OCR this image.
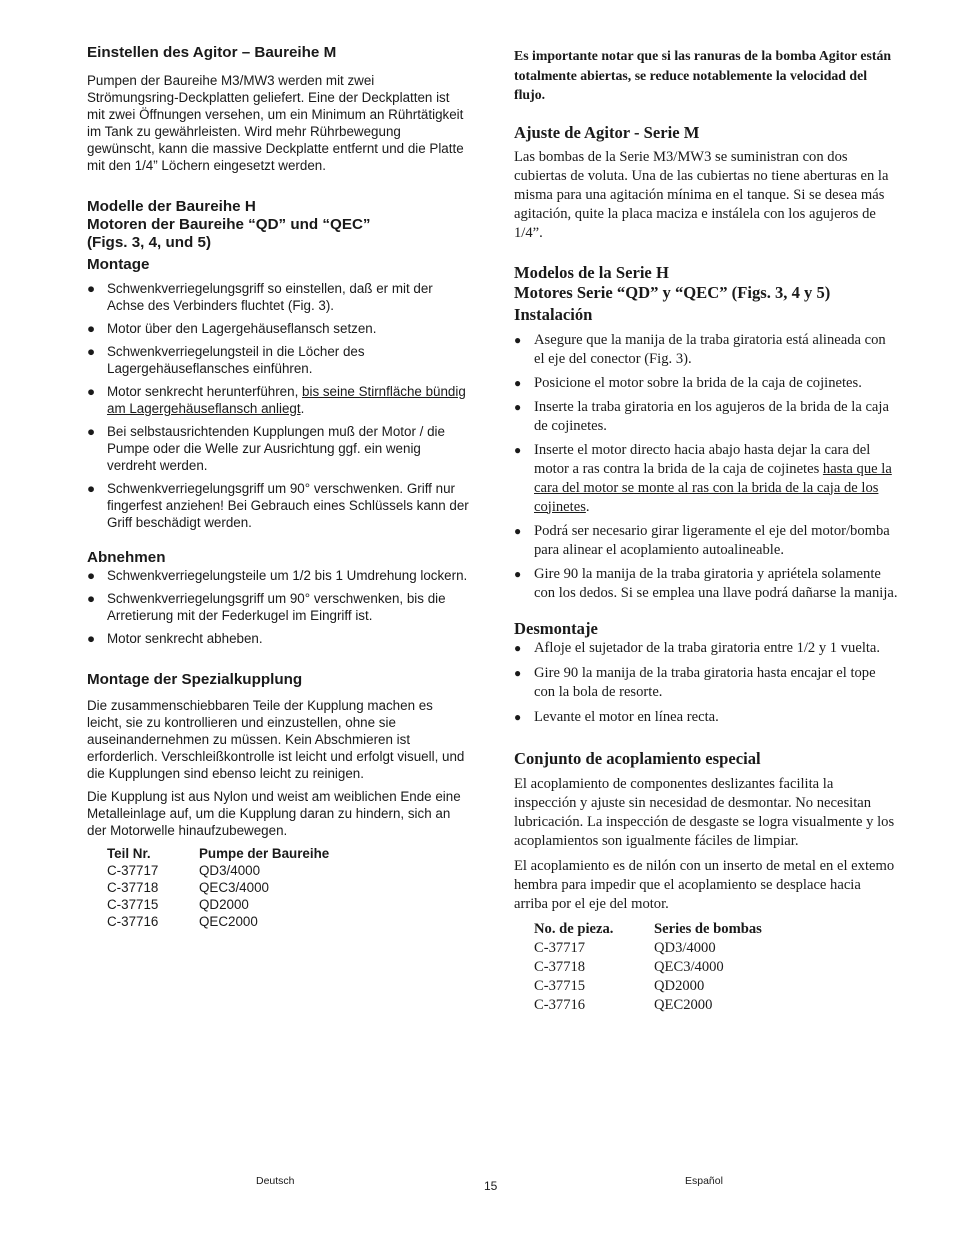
Einstellen des Agitor – Baureihe M

Pumpen der Baureihe M3/MW3 werden mit zwei Strömungsring-Deckplatten geliefert. Eine der Deckplatten ist mit zwei Öffnungen versehen, um ein Minimum an Rührtätigkeit im Tank zu gewährleisten. Wird mehr Rührbewegung gewünscht, kann die massive Deckplatte entfernt und die Platte mit den 1/4” Löchern eingesetzt werden.

Modelle der Baureihe H
Motoren der Baureihe “QD” und “QEC”
(Figs. 3, 4, und 5)
Montage
● Schwenkverriegelungsgriff so einstellen, daß er mit der Achse des Verbinders fluchtet (Fig. 3).
● Motor über den Lagergehäuseflansch setzen.
● Schwenkverriegelungsteil in die Löcher des Lagergehäuseflansches einführen.
● Motor senkrecht herunterführen, bis seine Stirnfläche bündig am Lagergehäuseflansch anliegt.
● Bei selbstausrichtenden Kupplungen muß der Motor / die Pumpe oder die Welle zur Ausrichtung ggf. ein wenig verdreht werden.
● Schwenkverriegelungsgriff um 90° verschwenken. Griff nur fingerfest anziehen! Bei Gebrauch eines Schlüssels kann der Griff beschädigt werden.
Abnehmen
● Schwenkverriegelungsteile um 1/2 bis 1 Umdrehung lockern.
● Schwenkverriegelungsgriff um 90° verschwenken, bis die Arretierung mit der Federkugel im Eingriff ist.
● Motor senkrecht abheben.
Montage der Spezialkupplung

Die zusammenschiebbaren Teile der Kupplung machen es leicht, sie zu kontrollieren und einzustellen, ohne sie auseinandernehmen zu müssen. Kein Abschmieren ist erforderlich. Verschleißkontrolle ist leicht und erfolgt visuell, und die Kupplungen sind ebenso leicht zu reinigen.

Die Kupplung ist aus Nylon und weist am weiblichen Ende eine Metalleinlage auf, um die Kupplung daran zu hindern, sich an der Motorwelle hinaufzubewegen.

Teil Nr.	Pumpe der Baureihe
C-37717	QD3/4000
C-37718	QEC3/4000
C-37715	QD2000
C-37716	QEC2000

Es importante notar que si las ranuras de la bomba Agitor están totalmente abiertas, se reduce notablemente la velocidad del flujo.

Ajuste de Agitor - Serie M

Las bombas de la Serie M3/MW3 se suministran con dos cubiertas de voluta. Una de las cubiertas no tiene aberturas en la misma para una agitación mínima en el tanque. Si se desea más agitación, quite la placa maciza e instálela con los agujeros de 1/4”.

Modelos de la Serie H
Motores Serie “QD” y “QEC” (Figs. 3, 4 y 5)
Instalación
● Asegure que la manija de la traba giratoria está alineada con el eje del conector (Fig. 3).
● Posicione el motor sobre la brida de la caja de cojinetes.
● Inserte la traba giratoria en los agujeros de la brida de la caja de cojinetes.
● Inserte el motor directo hacia abajo hasta dejar la cara del motor a ras contra la brida de la caja de cojinetes hasta que la cara del motor se monte al ras con la brida de la caja de los cojinetes.
● Podrá ser necesario girar ligeramente el eje del motor/bomba para alinear el acoplamiento autoalineable.
● Gire 90 la manija de la traba giratoria y apriétela solamente con los dedos. Si se emplea una llave podrá dañarse la manija.
Desmontaje
● Afloje el sujetador de la traba giratoria entre 1/2 y 1 vuelta.
● Gire 90 la manija de la traba giratoria hasta encajar el tope con la bola de resorte.
● Levante el motor en línea recta.
Conjunto de acoplamiento especial

El acoplamiento de componentes deslizantes facilita la inspección y ajuste sin necesidad de desmontar. No necesitan lubricación. La inspección de desgaste se logra visualmente y los acoplamientos son igualmente fáciles de limpiar.

El acoplamiento es de nilón con un inserto de metal en el extemo hembra para impedir que el acoplamiento se desplace hacia arriba por el eje del motor.

No. de pieza.	Series de bombas
C-37717	QD3/4000
C-37718	QEC3/4000
C-37715	QD2000
C-37716	QEC2000
Deutsch	15	Español
